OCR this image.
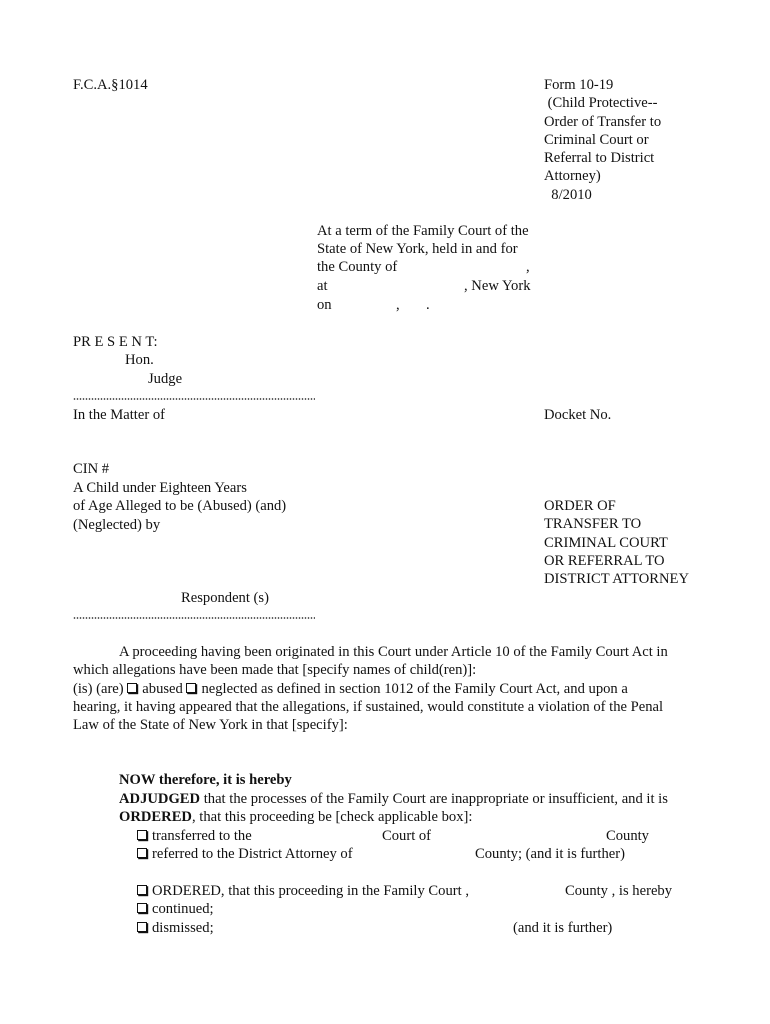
F.C.A.§1014	Form 10-19
(Child Protective--
Order of Transfer to
Criminal Court or
Referral to District
Attorney)
8/2010
At a term of the Family Court of the
State of New York, held in and for
the County of	,
at	, New York
on	, .
PR E S E N T:
Hon.
Judge
In the Matter of	Docket No.
CIN #
A Child under Eighteen Years
of Age Alleged to be (Abused) (and)
(Neglected) by
ORDER OF
TRANSFER TO
CRIMINAL COURT
OR REFERRAL TO
DISTRICT ATTORNEY
Respondent (s)
A proceeding having been originated in this Court under Article 10 of the Family Court Act in
which allegations have been made that [specify names of child(ren)]:
(is) (are) abused neglected as defined in section 1012 of the Family Court Act, and upon a
hearing, it having appeared that the allegations, if sustained, would constitute a violation of the Penal
Law of the State of New York in that [specify]:
NOW therefore, it is hereby
ADJUDGED that the processes of the Family Court are inappropriate or insufficient, and it is
ORDERED, that this proceeding be [check applicable box]:
transferred to the	Court of	County
referred to the District Attorney of	County; (and it is further)
ORDERED, that this proceeding in the Family Court ,	County , is hereby
continued;
dismissed;	(and it is further)
